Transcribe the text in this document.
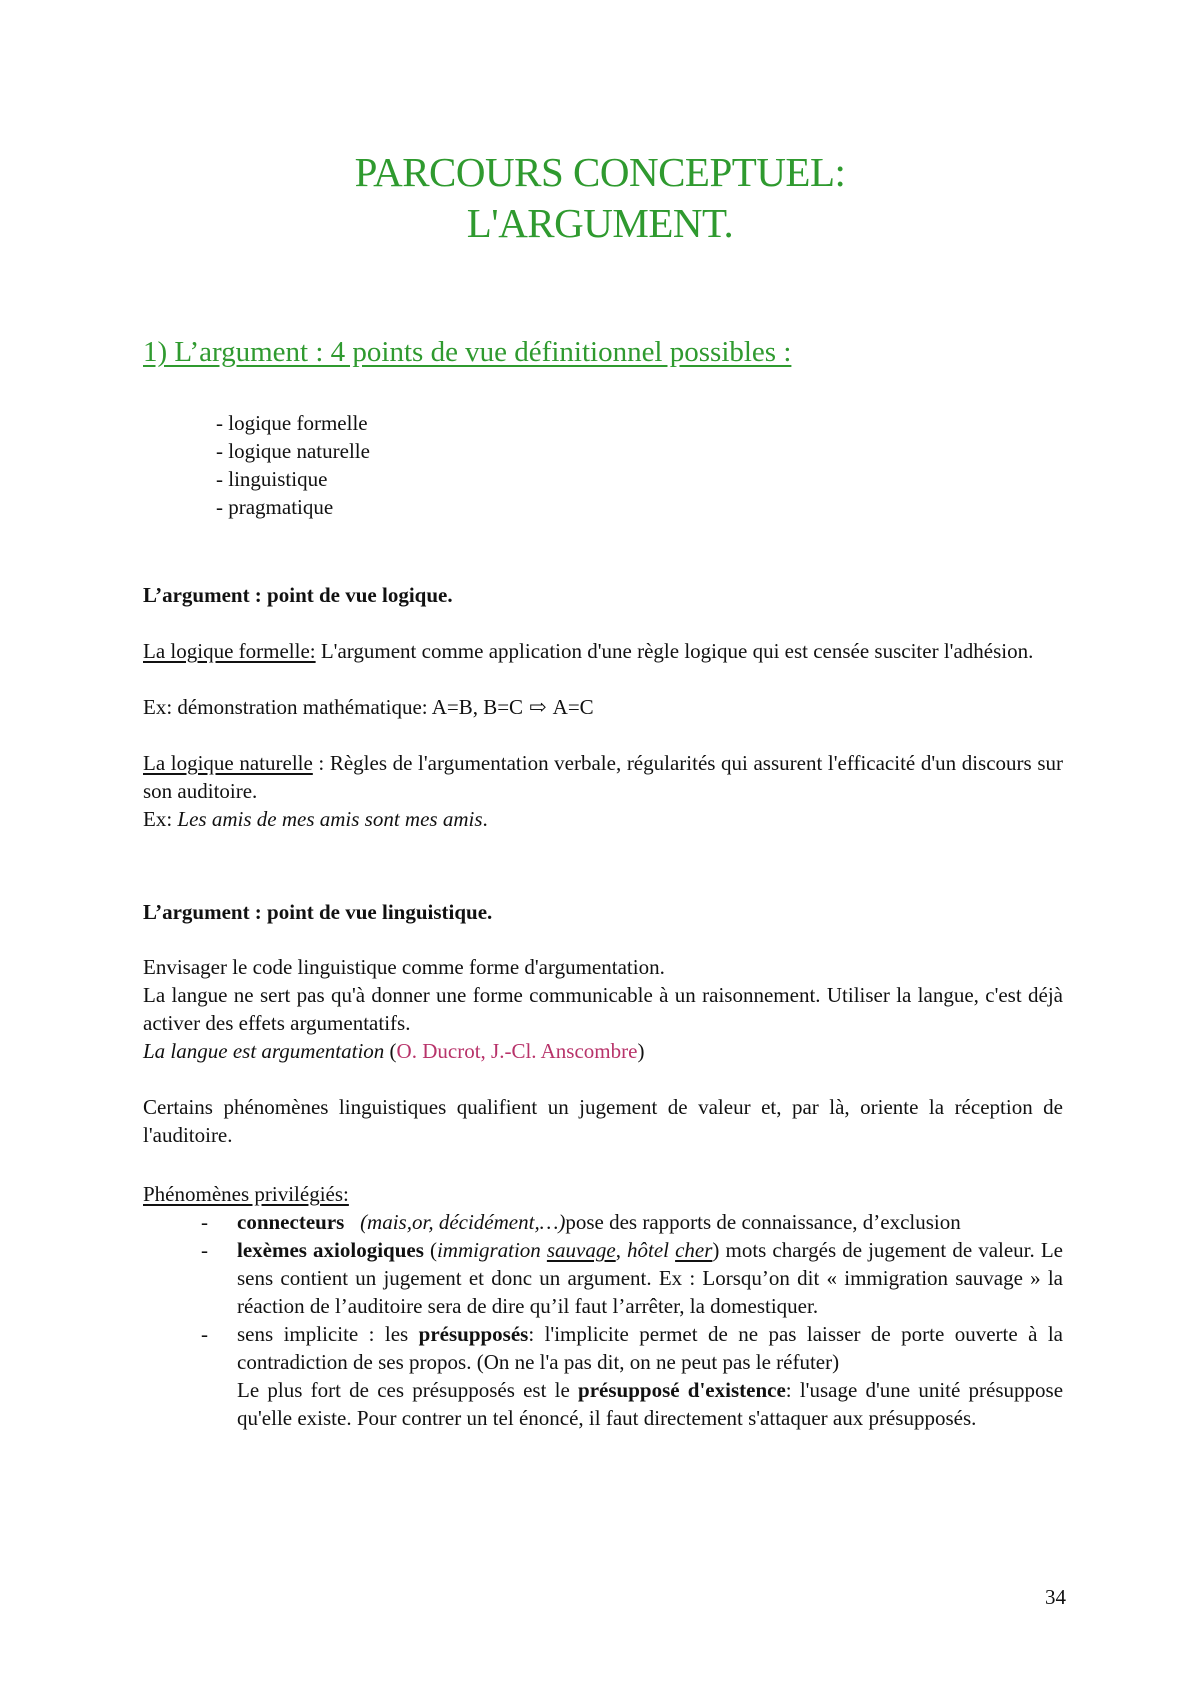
PARCOURS CONCEPTUEL:
L'ARGUMENT.
1) L’argument : 4 points de vue définitionnel possibles :
- logique formelle
- logique naturelle
- linguistique
- pragmatique
L’argument : point de vue logique.
La logique formelle: L'argument comme application d'une règle logique qui est censée susciter l'adhésion.
Ex: démonstration mathématique: A=B, B=C ⇨ A=C
La logique naturelle : Règles de l'argumentation verbale, régularités qui assurent l'efficacité d'un discours sur son auditoire.
Ex: Les amis de mes amis sont mes amis.
L’argument : point de vue linguistique.
Envisager le code linguistique comme forme d'argumentation.
La langue ne sert pas qu'à donner une forme communicable à un raisonnement. Utiliser la langue, c'est déjà activer des effets argumentatifs.
La langue est argumentation (O. Ducrot, J.-Cl. Anscombre)
Certains phénomènes linguistiques qualifient un jugement de valeur et, par là, oriente la réception de l'auditoire.
Phénomènes privilégiés:
- connecteurs (mais,or, décidément,…)pose des rapports de connaissance, d’exclusion
- lexèmes axiologiques (immigration sauvage, hôtel cher) mots chargés de jugement de valeur. Le sens contient un jugement et donc un argument. Ex : Lorsqu’on dit « immigration sauvage » la réaction de l’auditoire sera de dire qu’il faut l’arrêter, la domestiquer.
- sens implicite : les présupposés: l'implicite permet de ne pas laisser de porte ouverte à la contradiction de ses propos. (On ne l'a pas dit, on ne peut pas le réfuter)
Le plus fort de ces présupposés est le présupposé d'existence: l'usage d'une unité présuppose qu'elle existe. Pour contrer un tel énoncé, il faut directement s'attaquer aux présupposés.
34
